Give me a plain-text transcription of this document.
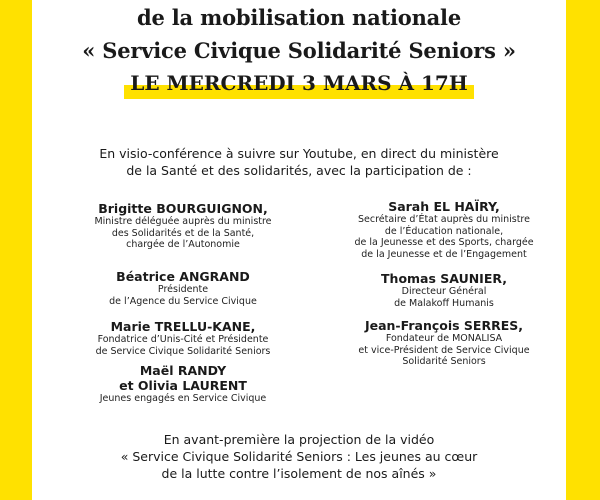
de la mobilisation nationale
« Service Civique Solidarité Seniors »
LE MERCREDI 3 MARS À 17H
En visio-conférence à suivre sur Youtube, en direct du ministère
de la Santé et des solidarités, avec la participation de :
Brigitte BOURGUIGNON,
Ministre déléguée auprès du ministre
des Solidarités et de la Santé,
chargée de l’Autonomie
Béatrice ANGRAND
Présidente
de l’Agence du Service Civique
Marie TRELLU-KANE,
Fondatrice d’Unis-Cité et Présidente
de Service Civique Solidarité Seniors
Maël RANDY
et Olivia LAURENT
Jeunes engagés en Service Civique
Sarah EL HAÏRY,
Secrétaire d’État auprès du ministre
de l’Éducation nationale,
de la Jeunesse et des Sports, chargée
de la Jeunesse et de l’Engagement
Thomas SAUNIER,
Directeur Général
de Malakoff Humanis
Jean-François SERRES,
Fondateur de MONALISA
et vice-Président de Service Civique
Solidarité Seniors
En avant-première la projection de la vidéo
« Service Civique Solidarité Seniors : Les jeunes au cœur
de la lutte contre l’isolement de nos aînés »
